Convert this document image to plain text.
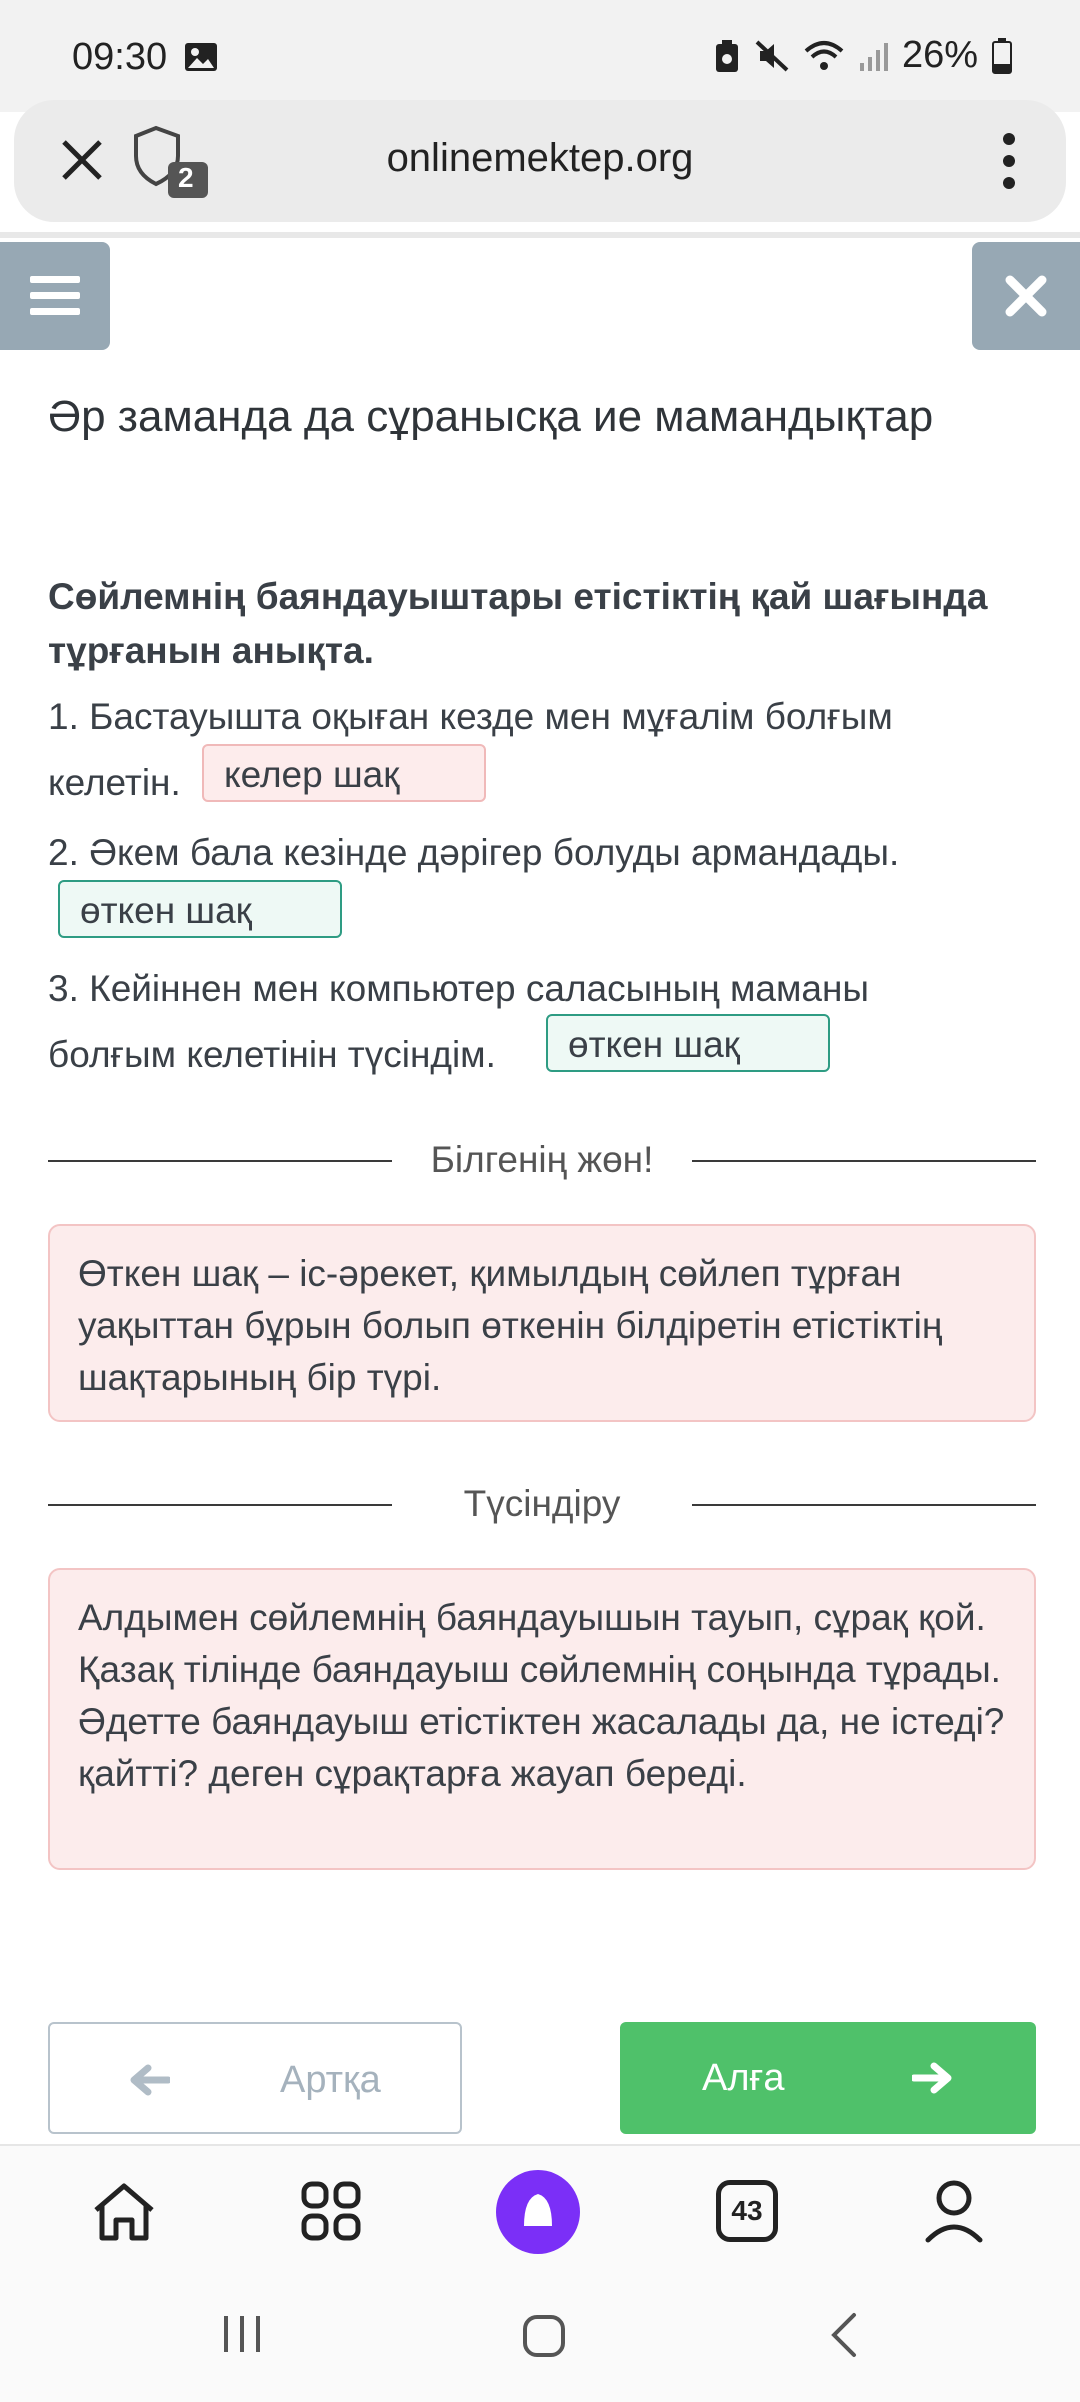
09:30	26%
2	onlinemektep.org
Әр заманда да сұранысқа ие мамандықтар
Сөйлемнің баяндауыштары етістіктің қай шағында тұрғанын анықта.
1. Бастауышта оқыған кезде мен мұғалім болғым
келетін.	келер шақ
2. Әкем бала кезінде дәрігер болуды армандады.
өткен шақ
3. Кейіннен мен компьютер саласының маманы
болғым келетінін түсіндім.	өткен шақ
Білгенің жөн!
Өткен шақ – іс-әрекет, қимылдың сөйлеп тұрған уақыттан бұрын болып өткенін білдіретін етістіктің шақтарының бір түрі.
Түсіндіру
Алдымен сөйлемнің баяндауышын тауып, сұрақ қой. Қазақ тілінде баяндауыш сөйлемнің соңында тұрады. Әдетте баяндауыш етістіктен жасалады да, не істеді? қайтті? деген сұрақтарға жауап береді.
Артқа	Алға
43
